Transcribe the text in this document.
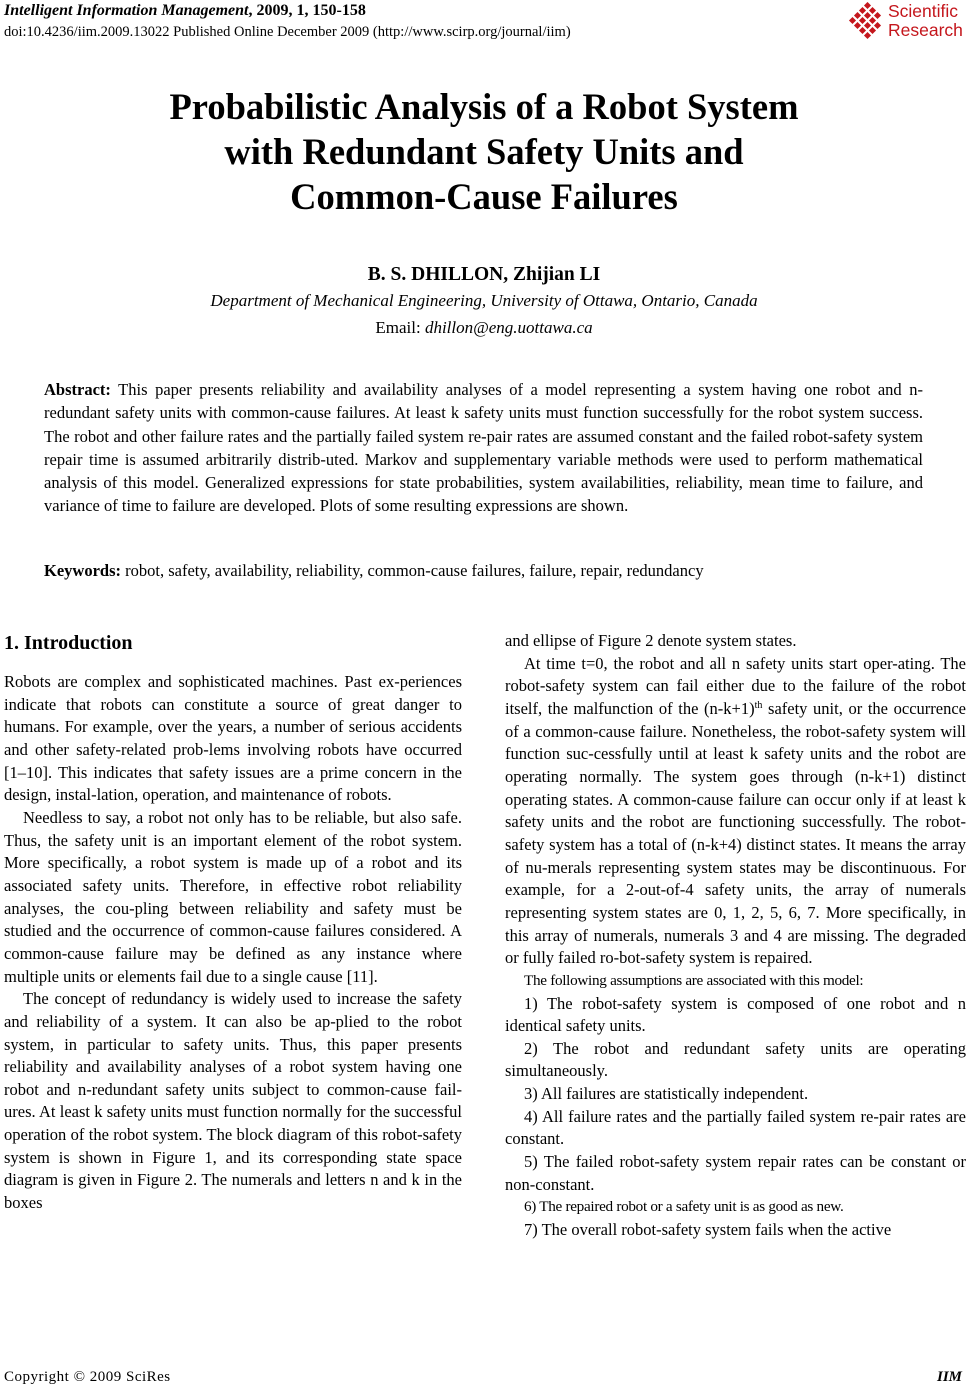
Intelligent Information Management, 2009, 1, 150-158
doi:10.4236/iim.2009.13022 Published Online December 2009 (http://www.scirp.org/journal/iim)
Scientific
Research
Probabilistic Analysis of a Robot System
with Redundant Safety Units and
Common-Cause Failures
B. S. DHILLON, Zhijian LI
Department of Mechanical Engineering, University of Ottawa, Ontario, Canada
Email: dhillon@eng.uottawa.ca
Abstract: This paper presents reliability and availability analyses of a model representing a system having one robot and n-redundant safety units with common-cause failures. At least k safety units must function successfully for the robot system success. The robot and other failure rates and the partially failed system re-pair rates are assumed constant and the failed robot-safety system repair time is assumed arbitrarily distrib-uted. Markov and supplementary variable methods were used to perform mathematical analysis of this model. Generalized expressions for state probabilities, system availabilities, reliability, mean time to failure, and variance of time to failure are developed. Plots of some resulting expressions are shown.
Keywords: robot, safety, availability, reliability, common-cause failures, failure, repair, redundancy
1. Introduction

Robots are complex and sophisticated machines. Past ex-periences indicate that robots can constitute a source of great danger to humans. For example, over the years, a number of serious accidents and other safety-related prob-lems involving robots have occurred [1–10]. This indicates that safety issues are a prime concern in the design, instal-lation, operation, and maintenance of robots.

Needless to say, a robot not only has to be reliable, but also safe. Thus, the safety unit is an important element of the robot system. More specifically, a robot system is made up of a robot and its associated safety units. Therefore, in effective robot reliability analyses, the cou-pling between reliability and safety must be studied and the occurrence of common-cause failures considered. A common-cause failure may be defined as any instance where multiple units or elements fail due to a single cause [11].

The concept of redundancy is widely used to increase the safety and reliability of a system. It can also be ap-plied to the robot system, in particular to safety units. Thus, this paper presents reliability and availability analyses of a robot system having one robot and n-redundant safety units subject to common-cause fail-ures. At least k safety units must function normally for the successful operation of the robot system. The block diagram of this robot-safety system is shown in Figure 1, and its corresponding state space diagram is given in Figure 2. The numerals and letters n and k in the boxes

and ellipse of Figure 2 denote system states.

At time t=0, the robot and all n safety units start oper-ating. The robot-safety system can fail either due to the failure of the robot itself, the malfunction of the $(n-k+1)^{th}$ safety unit, or the occurrence of a common-cause failure. Nonetheless, the robot-safety system will function suc-cessfully until at least k safety units and the robot are operating normally. The system goes through (n-k+1) distinct operating states. A common-cause failure can occur only if at least k safety units and the robot are functioning successfully. The robot-safety system has a total of (n-k+4) distinct states. It means the array of nu-merals representing system states may be discontinuous. For example, for a 2-out-of-4 safety units, the array of numerals representing system states are 0, 1, 2, 5, 6, 7. More specifically, in this array of numerals, numerals 3 and 4 are missing. The degraded or fully failed ro-bot-safety system is repaired.

The following assumptions are associated with this model:

1) The robot-safety system is composed of one robot and n identical safety units.

2) The robot and redundant safety units are operating simultaneously.

3) All failures are statistically independent.

4) All failure rates and the partially failed system re-pair rates are constant.

5) The failed robot-safety system repair rates can be constant or non-constant.

6) The repaired robot or a safety unit is as good as new.

7) The overall robot-safety system fails when the active

Copyright © 2009 SciRes	IIM
